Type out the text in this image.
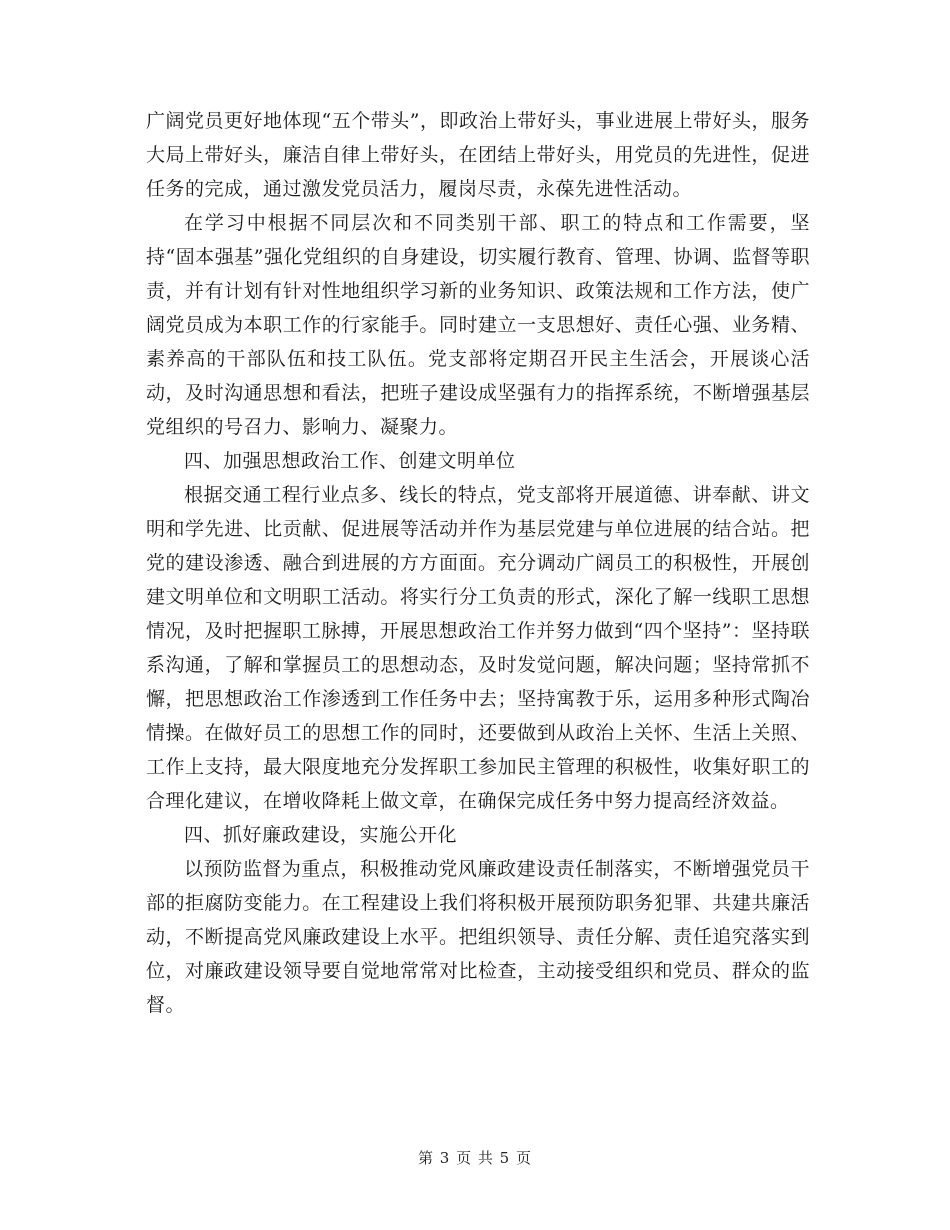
广阔党员更好地体现“五个带头”，即政治上带好头，事业进展上带好头，服务大局上带好头，廉洁自律上带好头，在团结上带好头，用党员的先进性，促进任务的完成，通过激发党员活力，履岗尽责，永葆先进性活动。

在学习中根据不同层次和不同类别干部、职工的特点和工作需要，坚持“固本强基”强化党组织的自身建设，切实履行教育、管理、协调、监督等职责，并有计划有针对性地组织学习新的业务知识、政策法规和工作方法，使广阔党员成为本职工作的行家能手。同时建立一支思想好、责任心强、业务精、素养高的干部队伍和技工队伍。党支部将定期召开民主生活会，开展谈心活动，及时沟通思想和看法，把班子建设成坚强有力的指挥系统，不断增强基层党组织的号召力、影响力、凝聚力。

四、加强思想政治工作、创建文明单位

根据交通工程行业点多、线长的特点，党支部将开展道德、讲奉献、讲文明和学先进、比贡献、促进展等活动并作为基层党建与单位进展的结合站。把党的建设渗透、融合到进展的方方面面。充分调动广阔员工的积极性，开展创建文明单位和文明职工活动。将实行分工负责的形式，深化了解一线职工思想情况，及时把握职工脉搏，开展思想政治工作并努力做到“四个坚持”：坚持联系沟通，了解和掌握员工的思想动态，及时发觉问题，解决问题；坚持常抓不懈，把思想政治工作渗透到工作任务中去；坚持寓教于乐，运用多种形式陶冶情操。在做好员工的思想工作的同时，还要做到从政治上关怀、生活上关照、工作上支持，最大限度地充分发挥职工参加民主管理的积极性，收集好职工的合理化建议，在增收降耗上做文章，在确保完成任务中努力提高经济效益。

四、抓好廉政建设，实施公开化

以预防监督为重点，积极推动党风廉政建设责任制落实，不断增强党员干部的拒腐防变能力。在工程建设上我们将积极开展预防职务犯罪、共建共廉活动，不断提高党风廉政建设上水平。把组织领导、责任分解、责任追究落实到位，对廉政建设领导要自觉地常常对比检查，主动接受组织和党员、群众的监督。

第 3 页 共 5 页
